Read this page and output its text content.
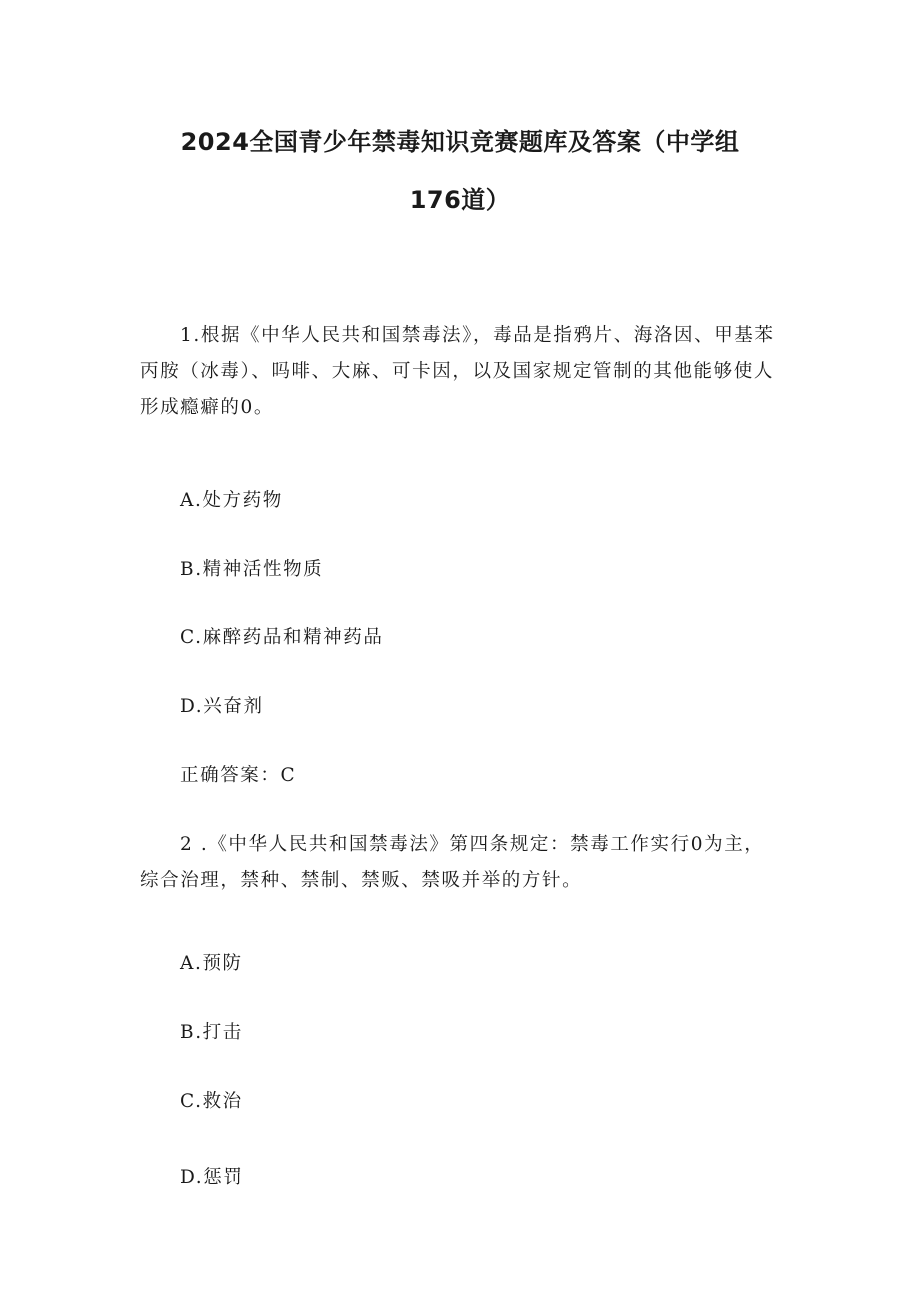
2024全国青少年禁毒知识竞赛题库及答案（中学组
176道）

1.根据《中华人民共和国禁毒法》，毒品是指鸦片、海洛因、甲基苯丙胺（冰毒）、吗啡、大麻、可卡因，以及国家规定管制的其他能够使人形成瘾癖的0。

A.处方药物

B.精神活性物质

C.麻醉药品和精神药品

D.兴奋剂

正确答案：C

2 .《中华人民共和国禁毒法》第四条规定：禁毒工作实行0为主，综合治理，禁种、禁制、禁贩、禁吸并举的方针。

A.预防

B.打击

C.救治

D.惩罚
